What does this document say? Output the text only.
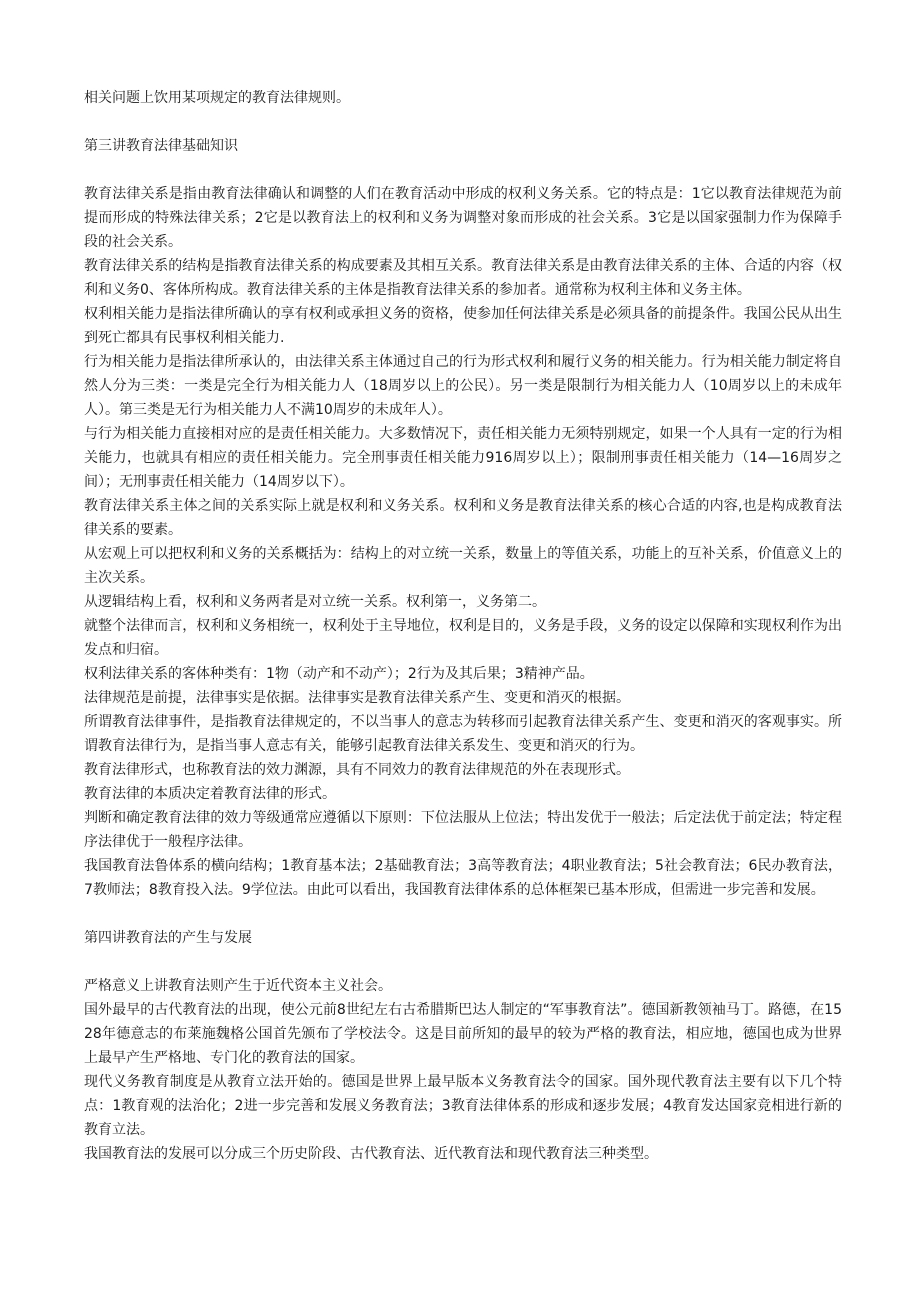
相关问题上饮用某项规定的教育法律规则。

第三讲教育法律基础知识

教育法律关系是指由教育法律确认和调整的人们在教育活动中形成的权利义务关系。它的特点是：1它以教育法律规范为前提而形成的特殊法律关系；2它是以教育法上的权利和义务为调整对象而形成的社会关系。3它是以国家强制力作为保障手段的社会关系。

教育法律关系的结构是指教育法律关系的构成要素及其相互关系。教育法律关系是由教育法律关系的主体、合适的内容（权利和义务0、客体所构成。教育法律关系的主体是指教育法律关系的参加者。通常称为权利主体和义务主体。

权利相关能力是指法律所确认的享有权利或承担义务的资格，使参加任何法律关系是必须具备的前提条件。我国公民从出生到死亡都具有民事权利相关能力.

行为相关能力是指法律所承认的，由法律关系主体通过自己的行为形式权利和履行义务的相关能力。行为相关能力制定将自然人分为三类：一类是完全行为相关能力人（18周岁以上的公民）。另一类是限制行为相关能力人（10周岁以上的未成年人）。第三类是无行为相关能力人不满10周岁的未成年人）。

与行为相关能力直接相对应的是责任相关能力。大多数情况下，责任相关能力无须特别规定，如果一个人具有一定的行为相关能力，也就具有相应的责任相关能力。完全刑事责任相关能力916周岁以上）；限制刑事责任相关能力（14—16周岁之间）；无刑事责任相关能力（14周岁以下）。

教育法律关系主体之间的关系实际上就是权利和义务关系。权利和义务是教育法律关系的核心合适的内容,也是构成教育法律关系的要素。

从宏观上可以把权利和义务的关系概括为：结构上的对立统一关系，数量上的等值关系，功能上的互补关系，价值意义上的主次关系。

从逻辑结构上看，权利和义务两者是对立统一关系。权利第一，义务第二。

就整个法律而言，权利和义务相统一，权利处于主导地位，权利是目的，义务是手段，义务的设定以保障和实现权利作为出发点和归宿。

权利法律关系的客体种类有：1物（动产和不动产）；2行为及其后果；3精神产品。

法律规范是前提，法律事实是依据。法律事实是教育法律关系产生、变更和消灭的根据。

所谓教育法律事件，是指教育法律规定的，不以当事人的意志为转移而引起教育法律关系产生、变更和消灭的客观事实。所谓教育法律行为，是指当事人意志有关，能够引起教育法律关系发生、变更和消灭的行为。

教育法律形式，也称教育法的效力渊源，具有不同效力的教育法律规范的外在表现形式。

教育法律的本质决定着教育法律的形式。

判断和确定教育法律的效力等级通常应遵循以下原则：下位法服从上位法；特出发优于一般法；后定法优于前定法；特定程序法律优于一般程序法律。

我国教育法鲁体系的横向结构；1教育基本法；2基础教育法；3高等教育法；4职业教育法；5社会教育法；6民办教育法，7教师法；8教育投入法。9学位法。由此可以看出，我国教育法律体系的总体框架已基本形成，但需进一步完善和发展。

第四讲教育法的产生与发展

严格意义上讲教育法则产生于近代资本主义社会。

国外最早的古代教育法的出现，使公元前8世纪左右古希腊斯巴达人制定的“军事教育法”。德国新教领袖马丁。路德，在1528年德意志的布莱施魏格公国首先颁布了学校法令。这是目前所知的最早的较为严格的教育法，相应地，德国也成为世界上最早产生严格地、专门化的教育法的国家。

现代义务教育制度是从教育立法开始的。德国是世界上最早版本义务教育法令的国家。国外现代教育法主要有以下几个特点：1教育观的法治化；2进一步完善和发展义务教育法；3教育法律体系的形成和逐步发展；4教育发达国家竞相进行新的教育立法。

我国教育法的发展可以分成三个历史阶段、古代教育法、近代教育法和现代教育法三种类型。
